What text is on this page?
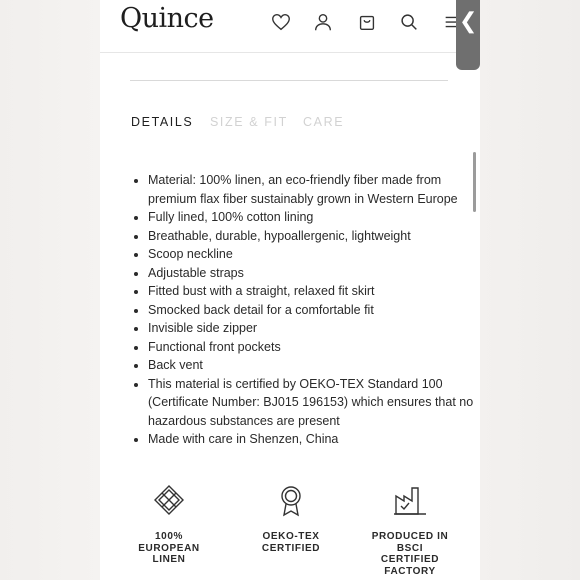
Quince
DETAILS SIZE & FIT CARE
• Material: 100% linen, an eco-friendly fiber made from premium flax fiber sustainably grown in Western Europe
• Fully lined, 100% cotton lining
• Breathable, durable, hypoallergenic, lightweight
• Scoop neckline
• Adjustable straps
• Fitted bust with a straight, relaxed fit skirt
• Smocked back detail for a comfortable fit
• Invisible side zipper
• Functional front pockets
• Back vent
• This material is certified by OEKO-TEX Standard 100 (Certificate Number: BJ015 196153) which ensures that no hazardous substances are present
• Made with care in Shenzen, China
100%
EUROPEAN
LINEN
OEKO-TEX
CERTIFIED
PRODUCED IN
BSCI
CERTIFIED
FACTORY
❮
